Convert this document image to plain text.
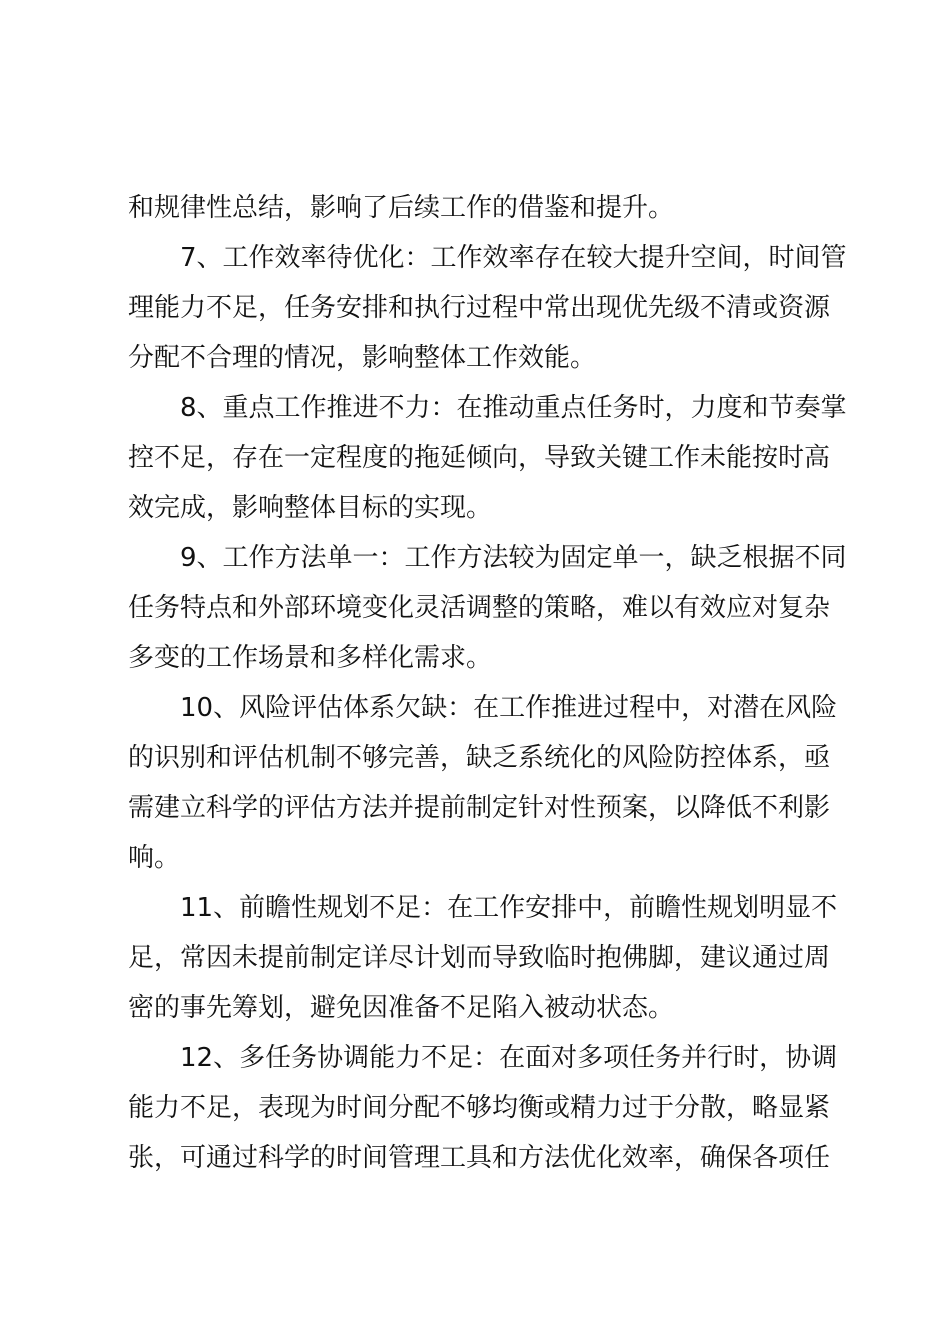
和规律性总结，影响了后续工作的借鉴和提升。
7、工作效率待优化：工作效率存在较大提升空间，时间管
理能力不足，任务安排和执行过程中常出现优先级不清或资源
分配不合理的情况，影响整体工作效能。
8、重点工作推进不力：在推动重点任务时，力度和节奏掌
控不足，存在一定程度的拖延倾向，导致关键工作未能按时高
效完成，影响整体目标的实现。
9、工作方法单一：工作方法较为固定单一，缺乏根据不同
任务特点和外部环境变化灵活调整的策略，难以有效应对复杂
多变的工作场景和多样化需求。
10、风险评估体系欠缺：在工作推进过程中，对潜在风险
的识别和评估机制不够完善，缺乏系统化的风险防控体系，亟
需建立科学的评估方法并提前制定针对性预案，以降低不利影
响。
11、前瞻性规划不足：在工作安排中，前瞻性规划明显不
足，常因未提前制定详尽计划而导致临时抱佛脚，建议通过周
密的事先筹划，避免因准备不足陷入被动状态。
12、多任务协调能力不足：在面对多项任务并行时，协调
能力不足，表现为时间分配不够均衡或精力过于分散，略显紧
张，可通过科学的时间管理工具和方法优化效率，确保各项任
